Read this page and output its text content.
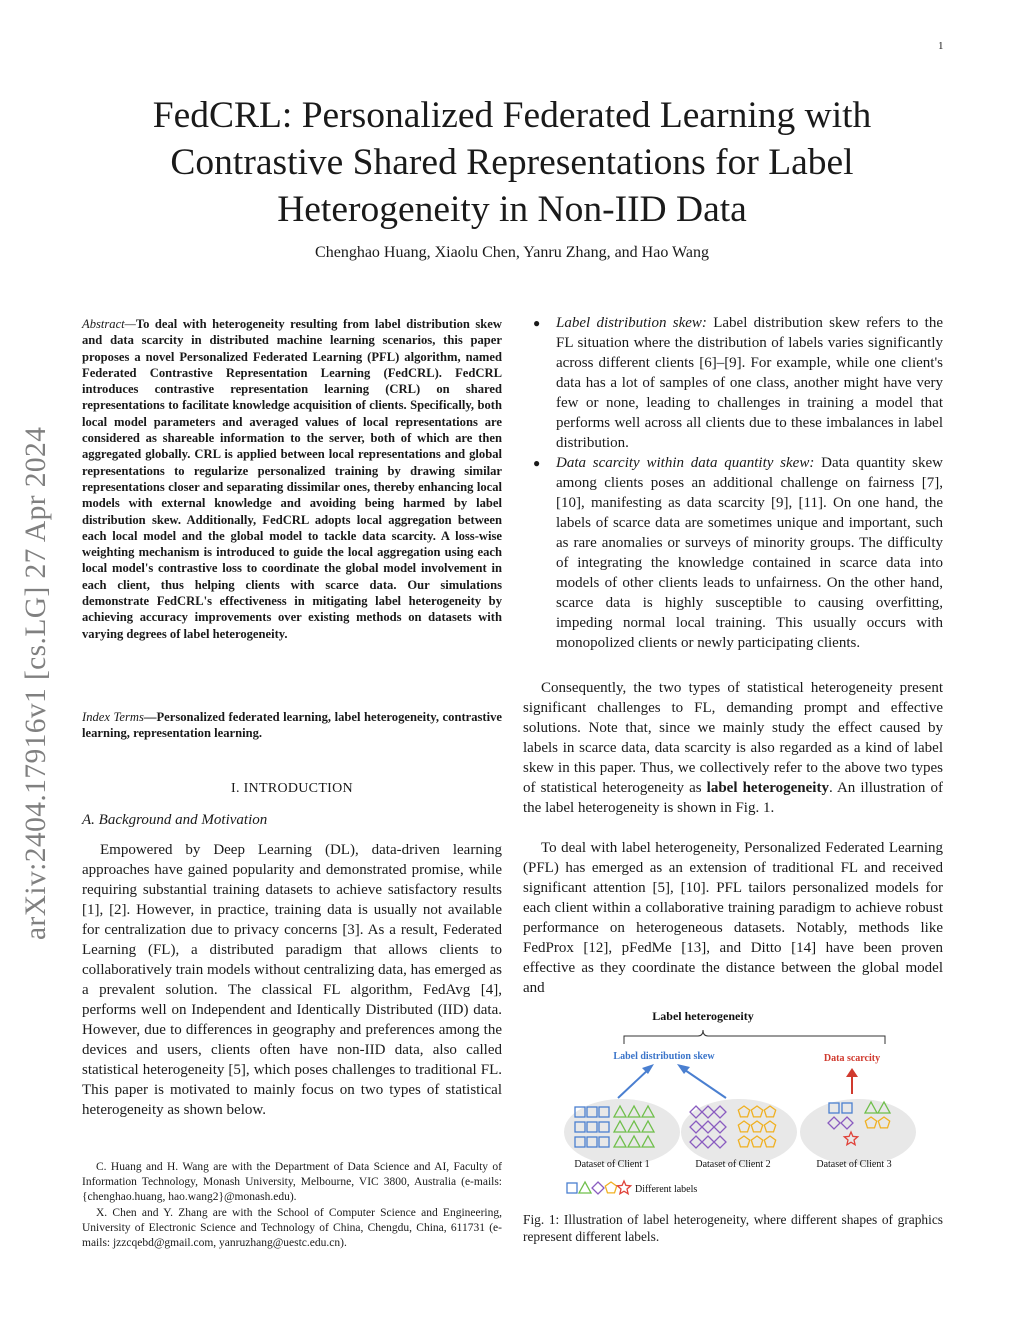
1
arXiv:2404.17916v1 [cs.LG] 27 Apr 2024
FedCRL: Personalized Federated Learning with Contrastive Shared Representations for Label Heterogeneity in Non-IID Data
Chenghao Huang, Xiaolu Chen, Yanru Zhang, and Hao Wang
Abstract—To deal with heterogeneity resulting from label distribution skew and data scarcity in distributed machine learning scenarios, this paper proposes a novel Personalized Federated Learning (PFL) algorithm, named Federated Contrastive Representation Learning (FedCRL). FedCRL introduces contrastive representation learning (CRL) on shared representations to facilitate knowledge acquisition of clients. Specifically, both local model parameters and averaged values of local representations are considered as shareable information to the server, both of which are then aggregated globally. CRL is applied between local representations and global representations to regularize personalized training by drawing similar representations closer and separating dissimilar ones, thereby enhancing local models with external knowledge and avoiding being harmed by label distribution skew. Additionally, FedCRL adopts local aggregation between each local model and the global model to tackle data scarcity. A loss-wise weighting mechanism is introduced to guide the local aggregation using each local model's contrastive loss to coordinate the global model involvement in each client, thus helping clients with scarce data. Our simulations demonstrate FedCRL's effectiveness in mitigating label heterogeneity by achieving accuracy improvements over existing methods on datasets with varying degrees of label heterogeneity.
Index Terms—Personalized federated learning, label heterogeneity, contrastive learning, representation learning.
I. INTRODUCTION
A. Background and Motivation
Empowered by Deep Learning (DL), data-driven learning approaches have gained popularity and demonstrated promise, while requiring substantial training datasets to achieve satisfactory results [1], [2]. However, in practice, training data is usually not available for centralization due to privacy concerns [3]. As a result, Federated Learning (FL), a distributed paradigm that allows clients to collaboratively train models without centralizing data, has emerged as a prevalent solution. The classical FL algorithm, FedAvg [4], performs well on Independent and Identically Distributed (IID) data. However, due to differences in geography and preferences among the devices and users, clients often have non-IID data, also called statistical heterogeneity [5], which poses challenges to traditional FL. This paper is motivated to mainly focus on two types of statistical heterogeneity as shown below.
C. Huang and H. Wang are with the Department of Data Science and AI, Faculty of Information Technology, Monash University, Melbourne, VIC 3800, Australia (e-mails: {chenghao.huang, hao.wang2}@monash.edu).
X. Chen and Y. Zhang are with the School of Computer Science and Engineering, University of Electronic Science and Technology of China, Chengdu, China, 611731 (e-mails: jzzcqebd@gmail.com, yanruzhang@uestc.edu.cn).
● Label distribution skew: Label distribution skew refers to the FL situation where the distribution of labels varies significantly across different clients [6]–[9]. For example, while one client's data has a lot of samples of one class, another might have very few or none, leading to challenges in training a model that performs well across all clients due to these imbalances in label distribution.
● Data scarcity within data quantity skew: Data quantity skew among clients poses an additional challenge on fairness [7], [10], manifesting as data scarcity [9], [11]. On one hand, the labels of scarce data are sometimes unique and important, such as rare anomalies or surveys of minority groups. The difficulty of integrating the knowledge contained in scarce data into models of other clients leads to unfairness. On the other hand, scarce data is highly susceptible to causing overfitting, impeding normal local training. This usually occurs with monopolized clients or newly participating clients.
Consequently, the two types of statistical heterogeneity present significant challenges to FL, demanding prompt and effective solutions. Note that, since we mainly study the effect caused by labels in scarce data, data scarcity is also regarded as a kind of label skew in this paper. Thus, we collectively refer to the above two types of statistical heterogeneity as label heterogeneity. An illustration of the label heterogeneity is shown in Fig. 1.
To deal with label heterogeneity, Personalized Federated Learning (PFL) has emerged as an extension of traditional FL and received significant attention [5], [10]. PFL tailors personalized models for each client within a collaborative training paradigm to achieve robust performance on heterogeneous datasets. Notably, methods like FedProx [12], pFedMe [13], and Ditto [14] have been proven effective as they coordinate the distance between the global model and
Label heterogeneity
Label distribution skew	Data scarcity
Dataset of Client 1	Dataset of Client 2	Dataset of Client 3
Different labels
Fig. 1: Illustration of label heterogeneity, where different shapes of graphics represent different labels.
